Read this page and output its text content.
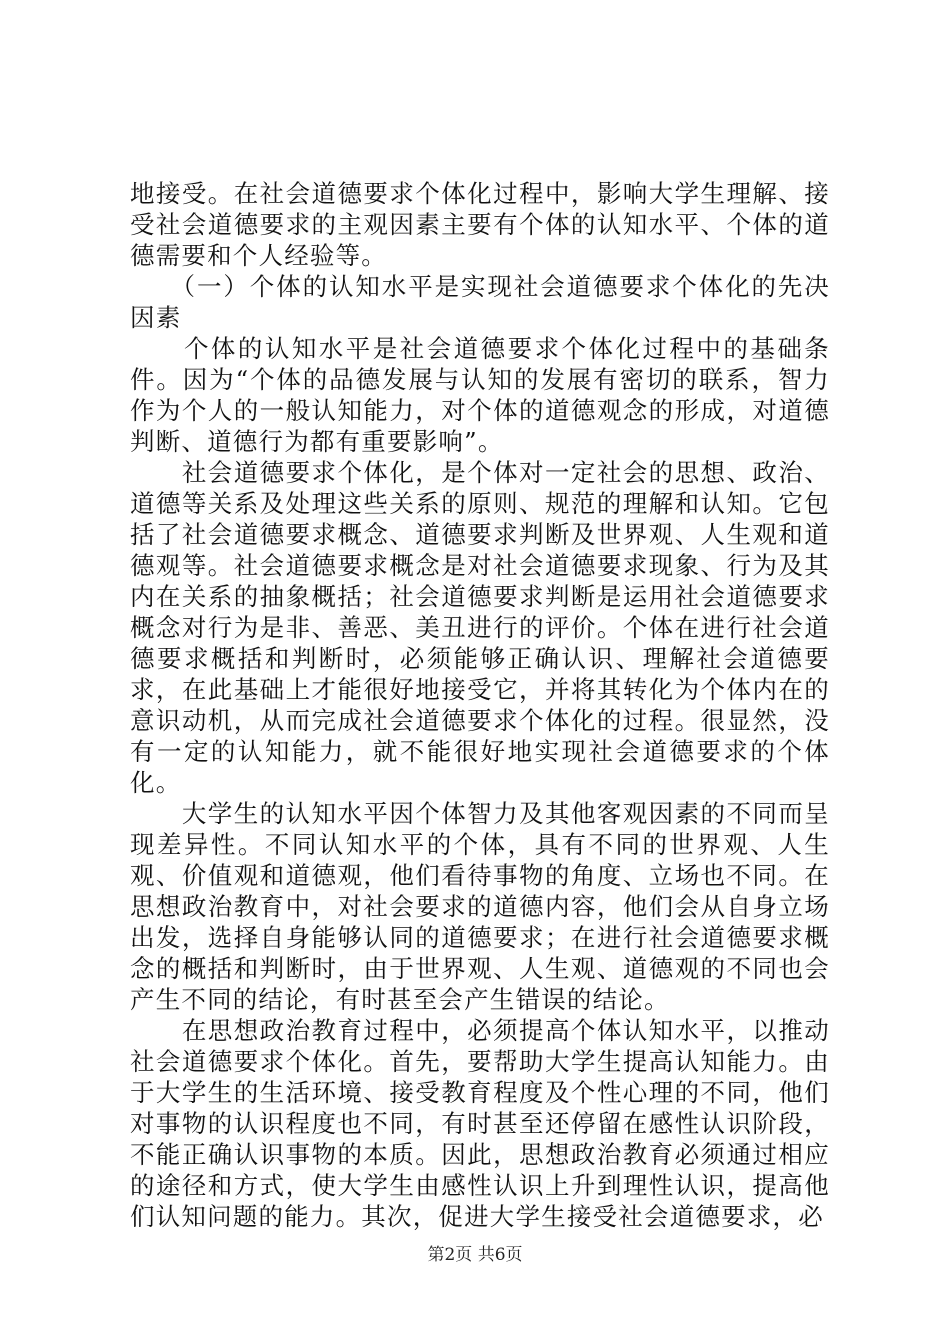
地接受。在社会道德要求个体化过程中，影响大学生理解、接受社会道德要求的主观因素主要有个体的认知水平、个体的道德需要和个人经验等。

　　（一）个体的认知水平是实现社会道德要求个体化的先决因素

　　个体的认知水平是社会道德要求个体化过程中的基础条件。因为“个体的品德发展与认知的发展有密切的联系，智力作为个人的一般认知能力，对个体的道德观念的形成，对道德判断、道德行为都有重要影响”。

　　社会道德要求个体化，是个体对一定社会的思想、政治、道德等关系及处理这些关系的原则、规范的理解和认知。它包括了社会道德要求概念、道德要求判断及世界观、人生观和道德观等。社会道德要求概念是对社会道德要求现象、行为及其内在关系的抽象概括；社会道德要求判断是运用社会道德要求概念对行为是非、善恶、美丑进行的评价。个体在进行社会道德要求概括和判断时，必须能够正确认识、理解社会道德要求，在此基础上才能很好地接受它，并将其转化为个体内在的意识动机，从而完成社会道德要求个体化的过程。很显然，没有一定的认知能力，就不能很好地实现社会道德要求的个体化。

　　大学生的认知水平因个体智力及其他客观因素的不同而呈现差异性。不同认知水平的个体，具有不同的世界观、人生观、价值观和道德观，他们看待事物的角度、立场也不同。在思想政治教育中，对社会要求的道德内容，他们会从自身立场出发，选择自身能够认同的道德要求；在进行社会道德要求概念的概括和判断时，由于世界观、人生观、道德观的不同也会产生不同的结论，有时甚至会产生错误的结论。

　　在思想政治教育过程中，必须提高个体认知水平，以推动社会道德要求个体化。首先，要帮助大学生提高认知能力。由于大学生的生活环境、接受教育程度及个性心理的不同，他们对事物的认识程度也不同，有时甚至还停留在感性认识阶段，不能正确认识事物的本质。因此，思想政治教育必须通过相应的途径和方式，使大学生由感性认识上升到理性认识，提高他们认知问题的能力。其次，促进大学生接受社会道德要求，必

第2页 共6页
